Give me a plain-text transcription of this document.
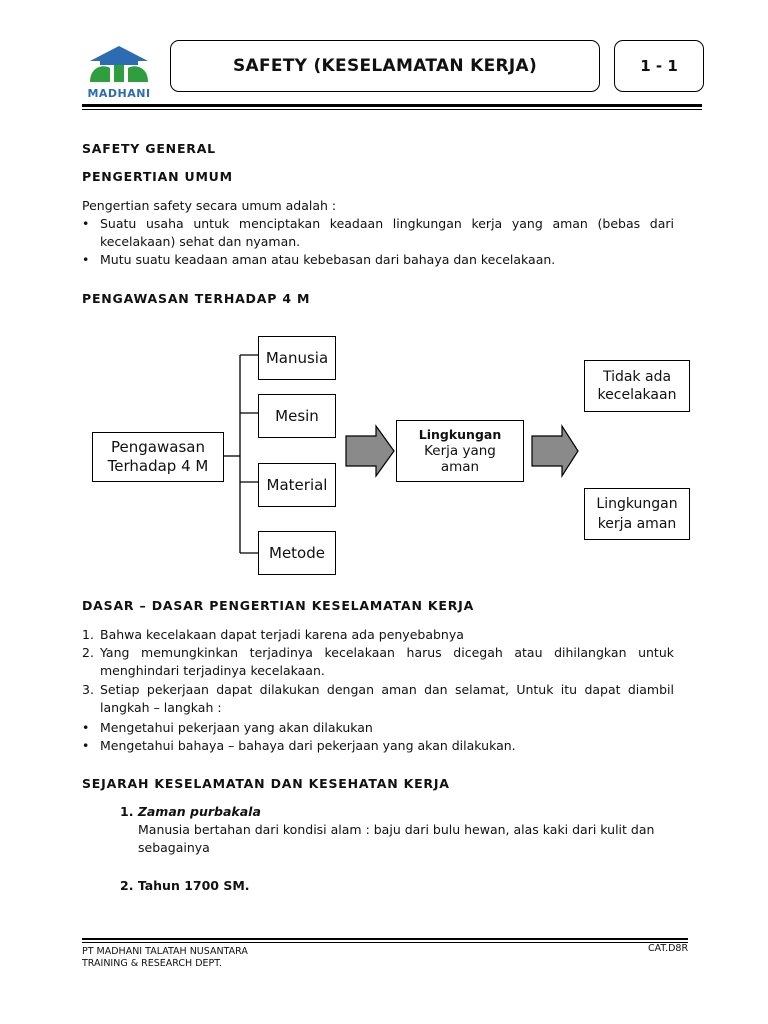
MADHANI
SAFETY (KESELAMATAN KERJA)	1 - 1
SAFETY GENERAL
PENGERTIAN UMUM
Pengertian safety secara umum adalah :
• Suatu usaha untuk menciptakan keadaan lingkungan kerja yang aman (bebas dari kecelakaan) sehat dan nyaman.
• Mutu suatu keadaan aman atau kebebasan dari bahaya dan kecelakaan.
PENGAWASAN TERHADAP 4 M
Pengawasan
Terhadap 4 M
Manusia
Mesin
Material
Metode
Lingkungan
Kerja yang aman
Tidak ada kecelakaan
Lingkungan kerja aman
DASAR – DASAR PENGERTIAN KESELAMATAN KERJA
1. Bahwa kecelakaan dapat terjadi karena ada penyebabnya
2. Yang memungkinkan terjadinya kecelakaan harus dicegah atau dihilangkan untuk menghindari terjadinya kecelakaan.
3. Setiap pekerjaan dapat dilakukan dengan aman dan selamat, Untuk itu dapat diambil langkah – langkah :
• Mengetahui pekerjaan yang akan dilakukan
• Mengetahui bahaya – bahaya dari pekerjaan yang akan dilakukan.
SEJARAH KESELAMATAN DAN KESEHATAN KERJA
1. Zaman purbakala
Manusia bertahan dari kondisi alam : baju dari bulu hewan, alas kaki dari kulit dan sebagainya
2. Tahun 1700 SM.
PT MADHANI TALATAH NUSANTARA
TRAINING & RESEARCH DEPT.
CAT.D8R
